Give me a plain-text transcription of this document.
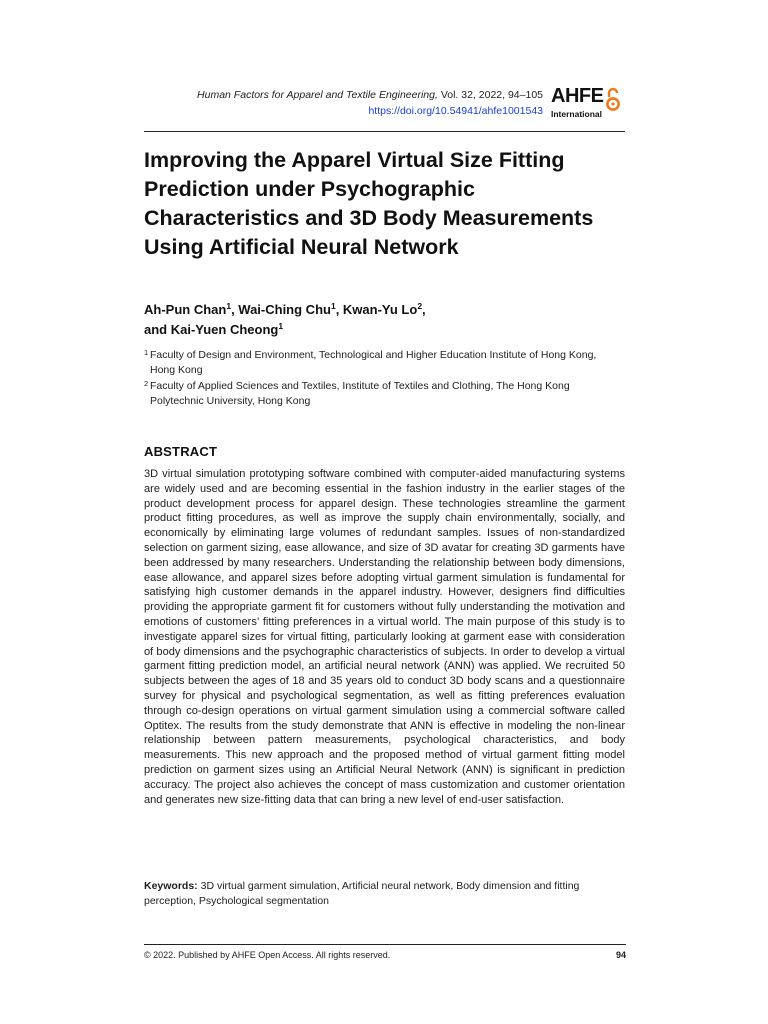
Human Factors for Apparel and Textile Engineering, Vol. 32, 2022, 94–105
https://doi.org/10.54941/ahfe1001543
AHFE
International
Improving the Apparel Virtual Size Fitting Prediction under Psychographic Characteristics and 3D Body Measurements Using Artificial Neural Network
Ah-Pun Chan$^1$, Wai-Ching Chu$^1$, Kwan-Yu Lo$^2$,
and Kai-Yuen Cheong$^1$
1 Faculty of Design and Environment, Technological and Higher Education Institute of Hong Kong, Hong Kong
2 Faculty of Applied Sciences and Textiles, Institute of Textiles and Clothing, The Hong Kong Polytechnic University, Hong Kong
ABSTRACT

3D virtual simulation prototyping software combined with computer-aided manufacturing systems are widely used and are becoming essential in the fashion industry in the earlier stages of the product development process for apparel design. These technologies streamline the garment product fitting procedures, as well as improve the supply chain environmentally, socially, and economically by eliminating large volumes of redundant samples. Issues of non-standardized selection on garment sizing, ease allowance, and size of 3D avatar for creating 3D garments have been addressed by many researchers. Understanding the relationship between body dimensions, ease allowance, and apparel sizes before adopting virtual garment simulation is fundamental for satisfying high customer demands in the apparel industry. However, designers find difficulties providing the appropriate garment fit for customers without fully understanding the motivation and emotions of customers’ fitting preferences in a virtual world. The main purpose of this study is to investigate apparel sizes for virtual fitting, particularly looking at garment ease with consideration of body dimensions and the psychographic characteristics of subjects. In order to develop a virtual garment fitting prediction model, an artificial neural network (ANN) was applied. We recruited 50 subjects between the ages of 18 and 35 years old to conduct 3D body scans and a questionnaire survey for physical and psychological segmentation, as well as fitting preferences evaluation through co-design operations on virtual garment simulation using a commercial software called Optitex. The results from the study demonstrate that ANN is effective in modeling the non-linear relationship between pattern measurements, psychological characteristics, and body measurements. This new approach and the proposed method of virtual garment fitting model prediction on garment sizes using an Artificial Neural Network (ANN) is significant in prediction accuracy. The project also achieves the concept of mass customization and customer orientation and generates new size-fitting data that can bring a new level of end-user satisfaction.

Keywords: 3D virtual garment simulation, Artificial neural network, Body dimension and fitting perception, Psychological segmentation
© 2022. Published by AHFE Open Access. All rights reserved.	94
